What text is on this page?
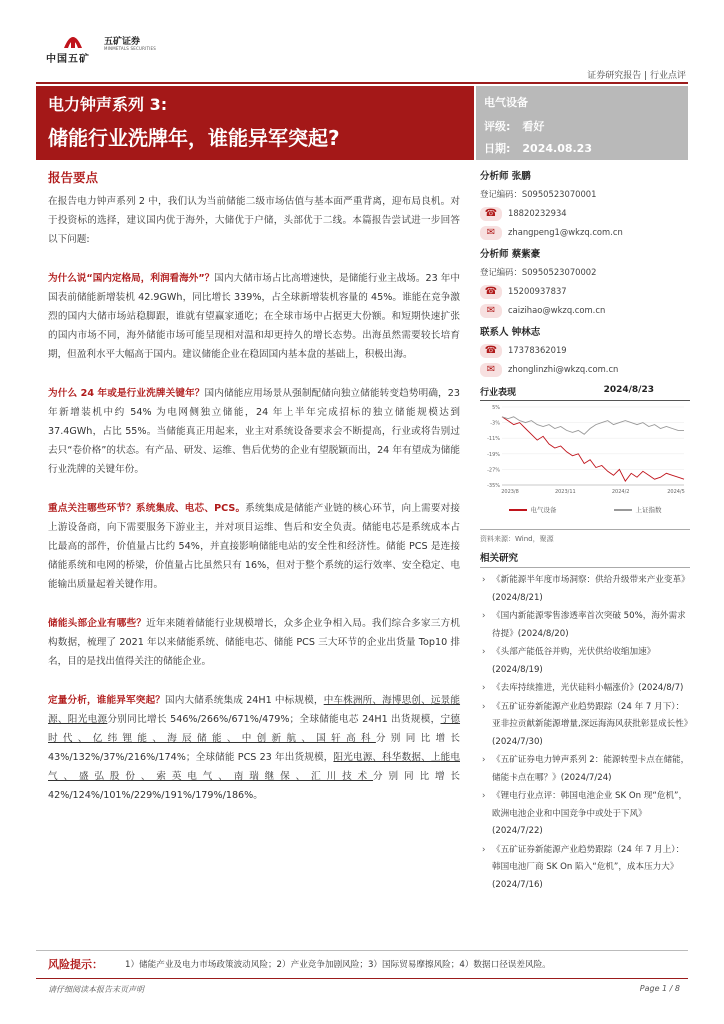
中国五矿
五矿证券
MINMETALS SECURITIES
证券研究报告 | 行业点评
电力钟声系列 3:
储能行业洗牌年，谁能异军突起?
电气设备
评级: 看好
日期: 2024.08.23
报告要点

在报告电力钟声系列 2 中，我们认为当前储能二级市场估值与基本面严重背离，迎布局良机。对于投资标的选择，建议国内优于海外，大储优于户储，头部优于二线。本篇报告尝试进一步回答以下问题:

为什么说“国内定格局，利润看海外”？国内大储市场占比高增速快，是储能行业主战场。23 年中国表前储能新增装机 42.9GWh，同比增长 339%，占全球新增装机容量的 45%。谁能在竞争激烈的国内大储市场站稳脚跟，谁就有望赢家通吃；在全球市场中占据更大份额。和短期快速扩张的国内市场不同，海外储能市场可能呈现相对温和却更持久的增长态势。出海虽然需要较长培育期，但盈利水平大幅高于国内。建议储能企业在稳固国内基本盘的基础上，积极出海。

为什么 24 年或是行业洗牌关键年？国内储能应用场景从强制配储向独立储能转变趋势明确，23 年新增装机中约 54% 为电网侧独立储能，24 年上半年完成招标的独立储能规模达到 37.4GWh，占比 55%。当储能真正用起来，业主对系统设备要求会不断提高，行业或将告别过去只“卷价格”的状态。有产品、研发、运维、售后优势的企业有望脱颖而出，24 年有望成为储能行业洗牌的关键年份。

重点关注哪些环节？系统集成、电芯、PCS。系统集成是储能产业链的核心环节，向上需要对接上游设备商，向下需要服务下游业主，并对项目运维、售后和安全负责。储能电芯是系统成本占比最高的部件，价值量占比约 54%，并直接影响储能电站的安全性和经济性。储能 PCS 是连接储能系统和电网的桥梁，价值量占比虽然只有 16%，但对于整个系统的运行效率、安全稳定、电能输出质量起着关键作用。

储能头部企业有哪些？近年来随着储能行业规模增长，众多企业争相入局。我们综合多家三方机构数据，梳理了 2021 年以来储能系统、储能电芯、储能 PCS 三大环节的企业出货量 Top10 排名，目的是找出值得关注的储能企业。

定量分析，谁能异军突起？国内大储系统集成 24H1 中标规模，中车株洲所、海博思创、远景能源、阳光电源分别同比增长 546%/266%/671%/479%；全球储能电芯 24H1 出货规模，宁德时代、亿纬锂能、海辰储能、中创新航、国轩高科分别同比增长 43%/132%/37%/216%/174%；全球储能 PCS 23 年出货规模，阳光电源、科华数据、上能电气、盛弘股份、索英电气、南瑞继保、汇川技术分别同比增长 42%/124%/101%/229%/191%/179%/186%。

分析师 张鹏
登记编码：S0950523070001
☎	18820232934
✉	zhangpeng1@wkzq.com.cn
分析师 蔡紫豪
登记编码：S0950523070002
☎	15200937837
✉	caizihao@wkzq.com.cn
联系人 钟林志
☎	17378362019
✉	zhonglinzhi@wkzq.com.cn
行业表现	2024/8/23
5%
-3%
-11%
-19%
-27%
-35%
2023/8	2023/11	2024/2	2024/5
电气设备	上证指数
资料来源：Wind，聚源
相关研究
› 《新能源半年度市场洞察：供给升级带来产业变革》(2024/8/21)
› 《国内新能源零售渗透率首次突破 50%，海外需求待提》(2024/8/20)
› 《头部产能低谷并购，光伏供给收缩加速》(2024/8/19)
› 《去库持续推进，光伏硅料小幅涨价》(2024/8/7)
› 《五矿证券新能源产业趋势跟踪（24 年 7 月下）：亚非拉贡献新能源增量,深远海海风获批彰显成长性》(2024/7/30)
› 《五矿证券电力钟声系列 2：能源转型卡点在储能，储能卡点在哪？》(2024/7/24)
› 《锂电行业点评：韩国电池企业 SK On 现“危机”，欧洲电池企业和中国竞争中或处于下风》(2024/7/22)
› 《五矿证券新能源产业趋势跟踪（24 年 7 月上）：韩国电池厂商 SK On 陷入“危机”，成本压力大》(2024/7/16)
风险提示：	1）储能产业及电力市场政策波动风险；2）产业竞争加剧风险；3）国际贸易摩擦风险；4）数据口径误差风险。
请仔细阅读本报告末页声明	Page 1 / 8
